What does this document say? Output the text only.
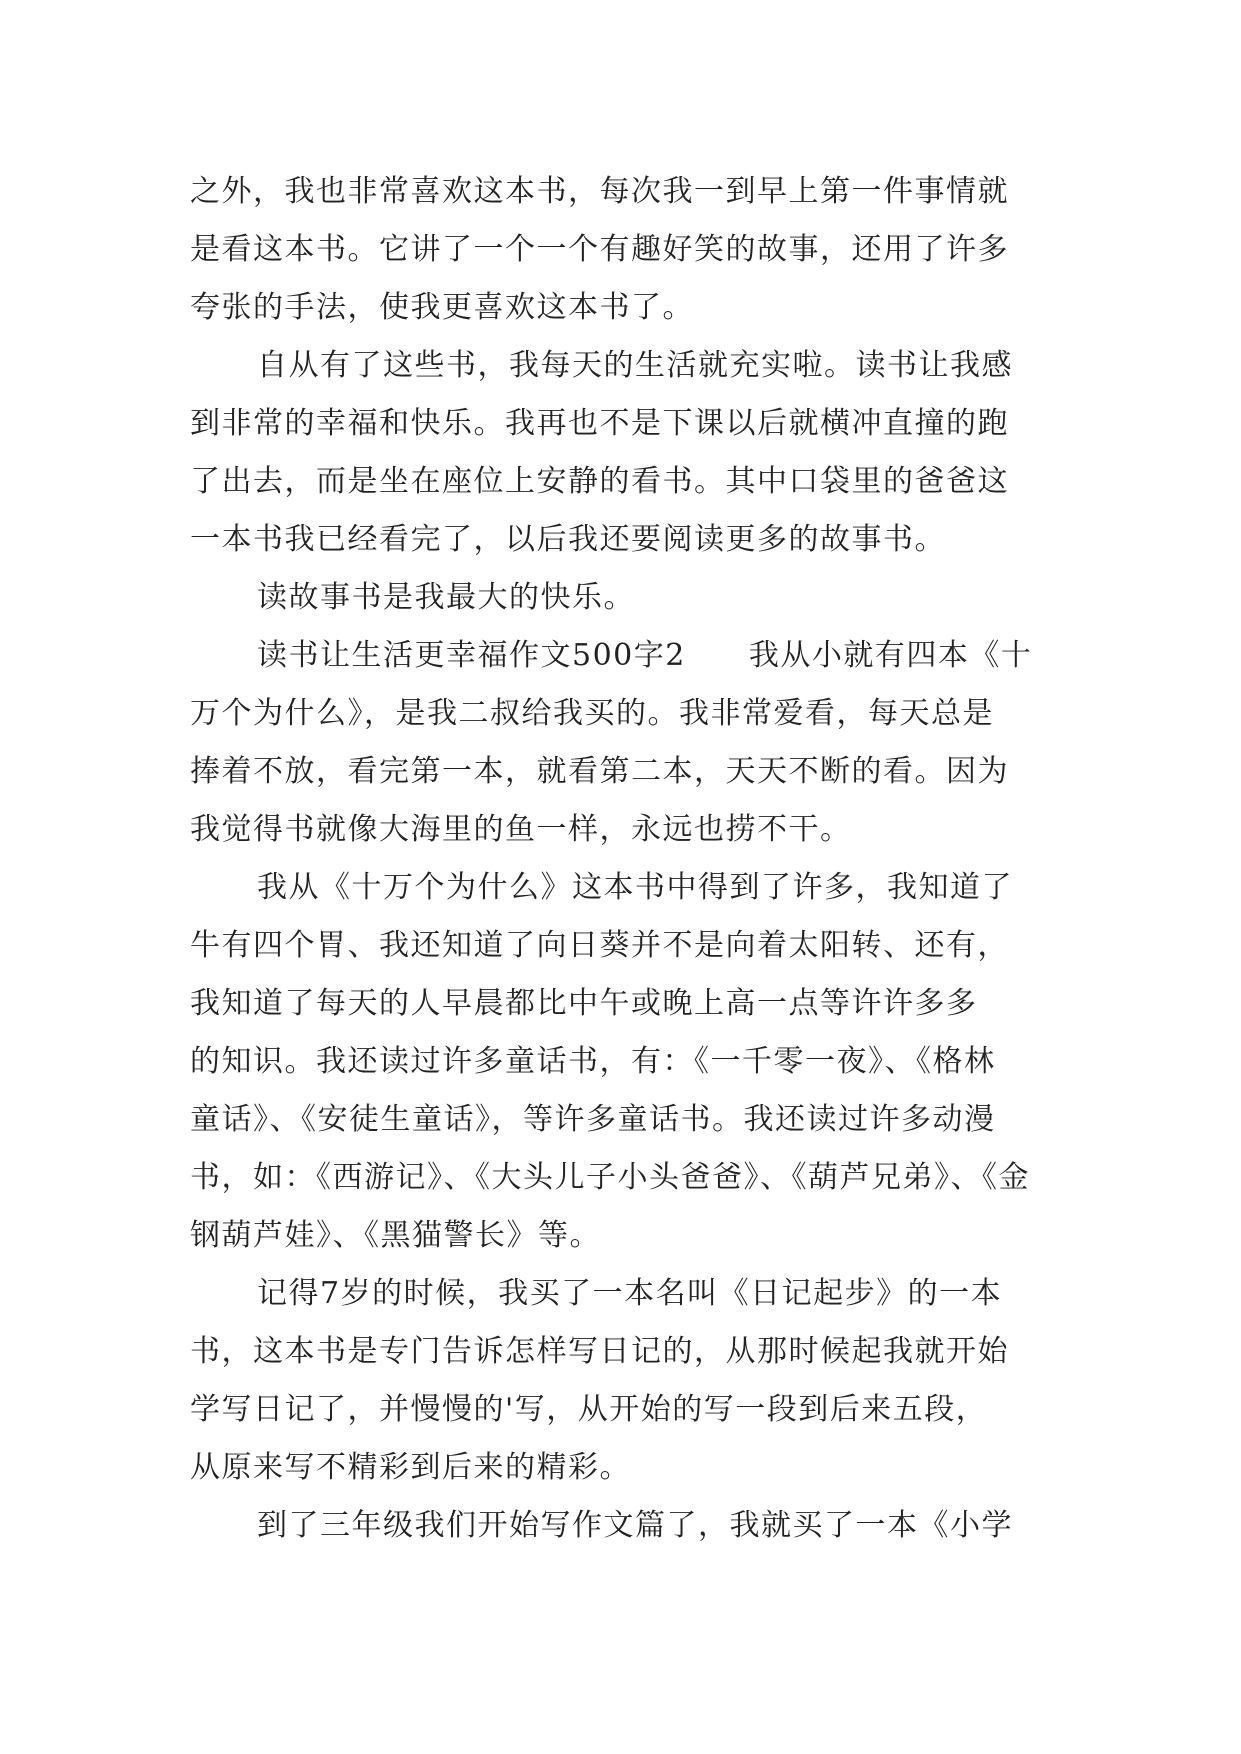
之外，我也非常喜欢这本书，每次我一到早上第一件事情就
是看这本书。它讲了一个一个有趣好笑的故事，还用了许多
夸张的手法，使我更喜欢这本书了。
自从有了这些书，我每天的生活就充实啦。读书让我感
到非常的幸福和快乐。我再也不是下课以后就横冲直撞的跑
了出去，而是坐在座位上安静的看书。其中口袋里的爸爸这
一本书我已经看完了，以后我还要阅读更多的故事书。
读故事书是我最大的快乐。
读书让生活更幸福作文500字2　　我从小就有四本《十
万个为什么》，是我二叔给我买的。我非常爱看，每天总是
捧着不放，看完第一本，就看第二本，天天不断的看。因为
我觉得书就像大海里的鱼一样，永远也捞不干。
我从《十万个为什么》这本书中得到了许多，我知道了
牛有四个胃、我还知道了向日葵并不是向着太阳转、还有，
我知道了每天的人早晨都比中午或晚上高一点等许许多多
的知识。我还读过许多童话书，有：《一千零一夜》、《格林
童话》、《安徒生童话》，等许多童话书。我还读过许多动漫
书，如：《西游记》、《大头儿子小头爸爸》、《葫芦兄弟》、《金
钢葫芦娃》、《黑猫警长》等。
记得7岁的时候，我买了一本名叫《日记起步》的一本
书，这本书是专门告诉怎样写日记的，从那时候起我就开始
学写日记了，并慢慢的'写，从开始的写一段到后来五段，
从原来写不精彩到后来的精彩。
到了三年级我们开始写作文篇了，我就买了一本《小学
